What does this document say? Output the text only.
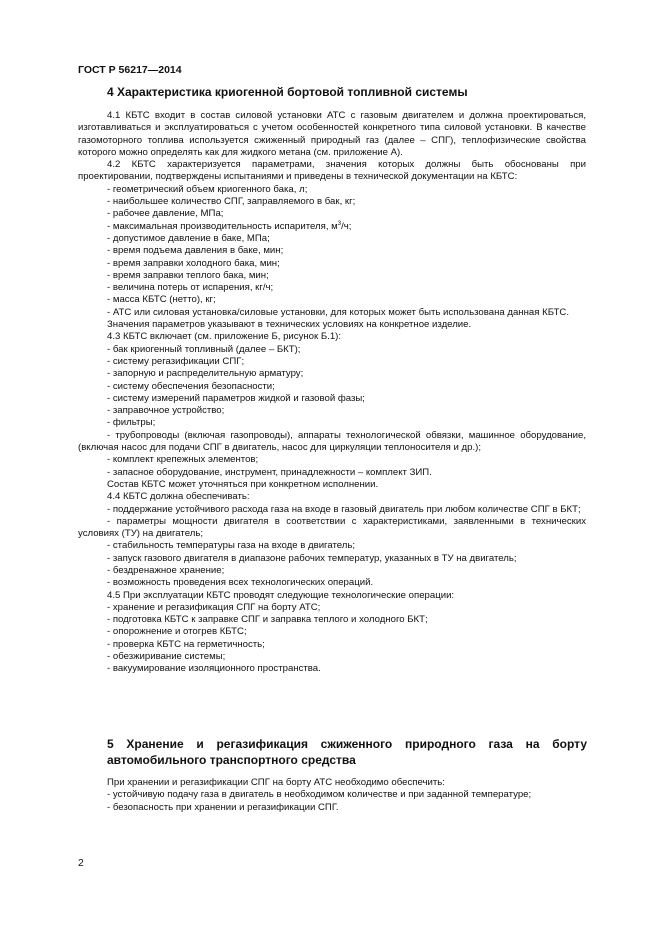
ГОСТ Р 56217—2014
4 Характеристика криогенной бортовой топливной системы

4.1 КБТС входит в состав силовой установки АТС с газовым двигателем и должна проектироваться, изготавливаться и эксплуатироваться с учетом особенностей конкретного типа силовой установки. В качестве газомоторного топлива используется сжиженный природный газ (далее – СПГ), теплофизические свойства которого можно определять как для жидкого метана (см. приложение А).

4.2 КБТС характеризуется параметрами, значения которых должны быть обоснованы при проектировании, подтверждены испытаниями и приведены в технической документации на КБТС:

- геометрический объем криогенного бака, л;

- наибольшее количество СПГ, заправляемого в бак, кг;

- рабочее давление, МПа;

- максимальная производительность испарителя, $м^3/ч$;

- допустимое давление в баке, МПа;

- время подъема давления в баке, мин;

- время заправки холодного бака, мин;

- время заправки теплого бака, мин;

- величина потерь от испарения, кг/ч;

- масса КБТС (нетто), кг;

- АТС или силовая установка/силовые установки, для которых может быть использована данная КБТС.

Значения параметров указывают в технических условиях на конкретное изделие.

4.3 КБТС включает (см. приложение Б, рисунок Б.1):

- бак криогенный топливный (далее – БКТ);

- систему регазификации СПГ;

- запорную и распределительную арматуру;

- систему обеспечения безопасности;

- систему измерений параметров жидкой и газовой фазы;

- заправочное устройство;

- фильтры;

- трубопроводы (включая газопроводы), аппараты технологической обвязки, машинное оборудование, (включая насос для подачи СПГ в двигатель, насос для циркуляции теплоносителя и др.);

- комплект крепежных элементов;

- запасное оборудование, инструмент, принадлежности – комплект ЗИП.

Состав КБТС может уточняться при конкретном исполнении.

4.4 КБТС должна обеспечивать:

- поддержание устойчивого расхода газа на входе в газовый двигатель при любом количестве СПГ в БКТ;

- параметры мощности двигателя в соответствии с характеристиками, заявленными в технических условиях (ТУ) на двигатель;

- стабильность температуры газа на входе в двигатель;

- запуск газового двигателя в диапазоне рабочих температур, указанных в ТУ на двигатель;

- бездренажное хранение;

- возможность проведения всех технологических операций.

4.5 При эксплуатации КБТС проводят следующие технологические операции:

- хранение и регазификация СПГ на борту АТС;

- подготовка КБТС к заправке СПГ и заправка теплого и холодного БКТ;

- опорожнение и отогрев КБТС;

- проверка КБТС на герметичность;

- обезжиривание системы;

- вакуумирование изоляционного пространства.

5 Хранение и регазификация сжиженного природного газа на борту автомобильного транспортного средства

При хранении и регазификации СПГ на борту АТС необходимо обеспечить:

- устойчивую подачу газа в двигатель в необходимом количестве и при заданной температуре;

- безопасность при хранении и регазификации СПГ.

2
